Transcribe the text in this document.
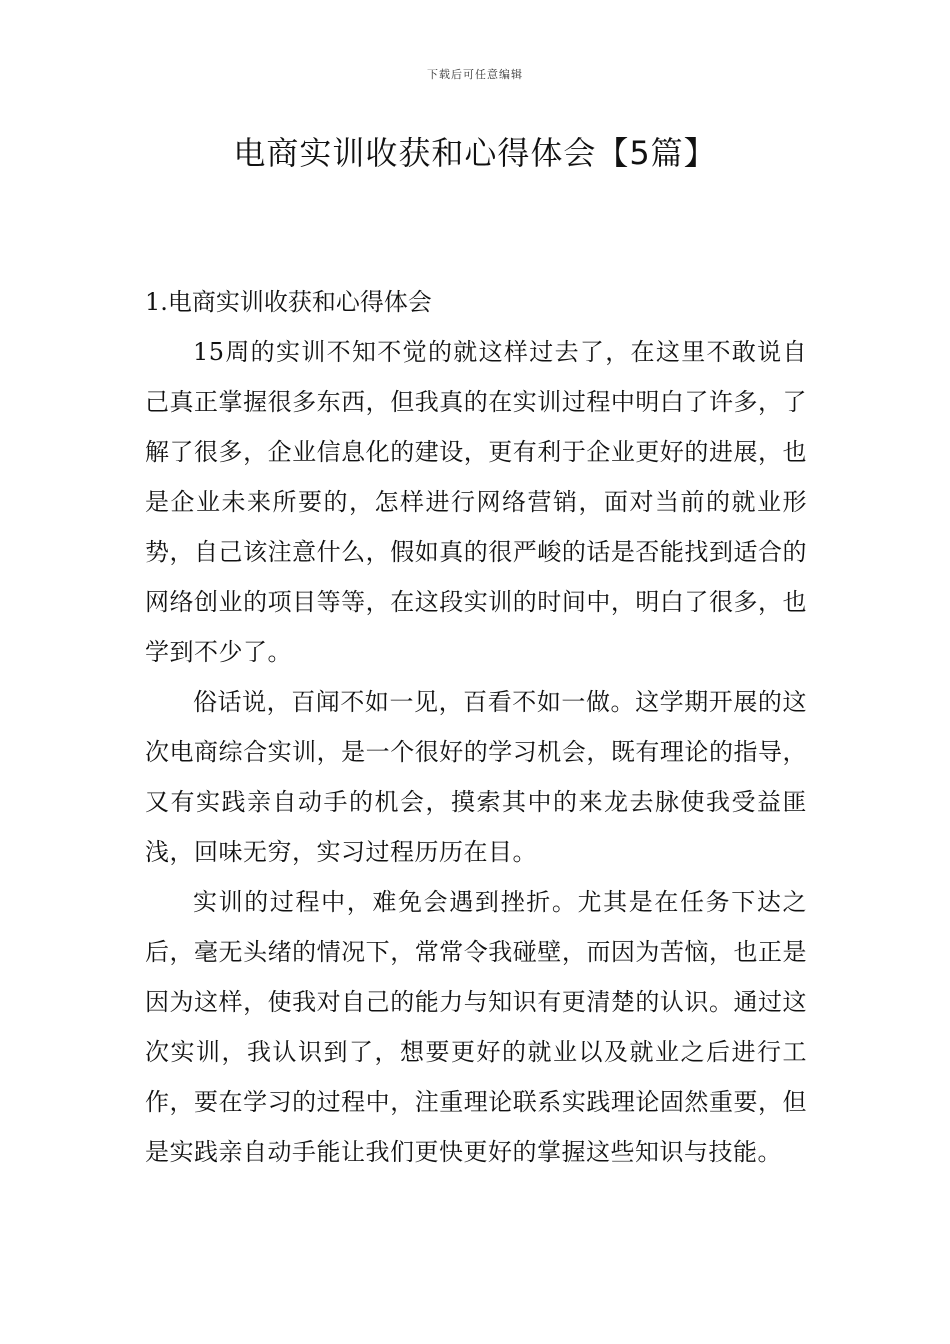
下载后可任意编辑
电商实训收获和心得体会【5篇】

1.电商实训收获和心得体会

15周的实训不知不觉的就这样过去了，在这里不敢说自己真正掌握很多东西，但我真的在实训过程中明白了许多，了解了很多，企业信息化的建设，更有利于企业更好的进展，也是企业未来所要的，怎样进行网络营销，面对当前的就业形势，自己该注意什么，假如真的很严峻的话是否能找到适合的网络创业的项目等等，在这段实训的时间中，明白了很多，也学到不少了。

俗话说，百闻不如一见，百看不如一做。这学期开展的这次电商综合实训，是一个很好的学习机会，既有理论的指导，又有实践亲自动手的机会，摸索其中的来龙去脉使我受益匪浅，回味无穷，实习过程历历在目。

实训的过程中，难免会遇到挫折。尤其是在任务下达之后，毫无头绪的情况下，常常令我碰壁，而因为苦恼，也正是因为这样，使我对自己的能力与知识有更清楚的认识。通过这次实训，我认识到了，想要更好的就业以及就业之后进行工作，要在学习的过程中，注重理论联系实践理论固然重要，但是实践亲自动手能让我们更快更好的掌握这些知识与技能。
